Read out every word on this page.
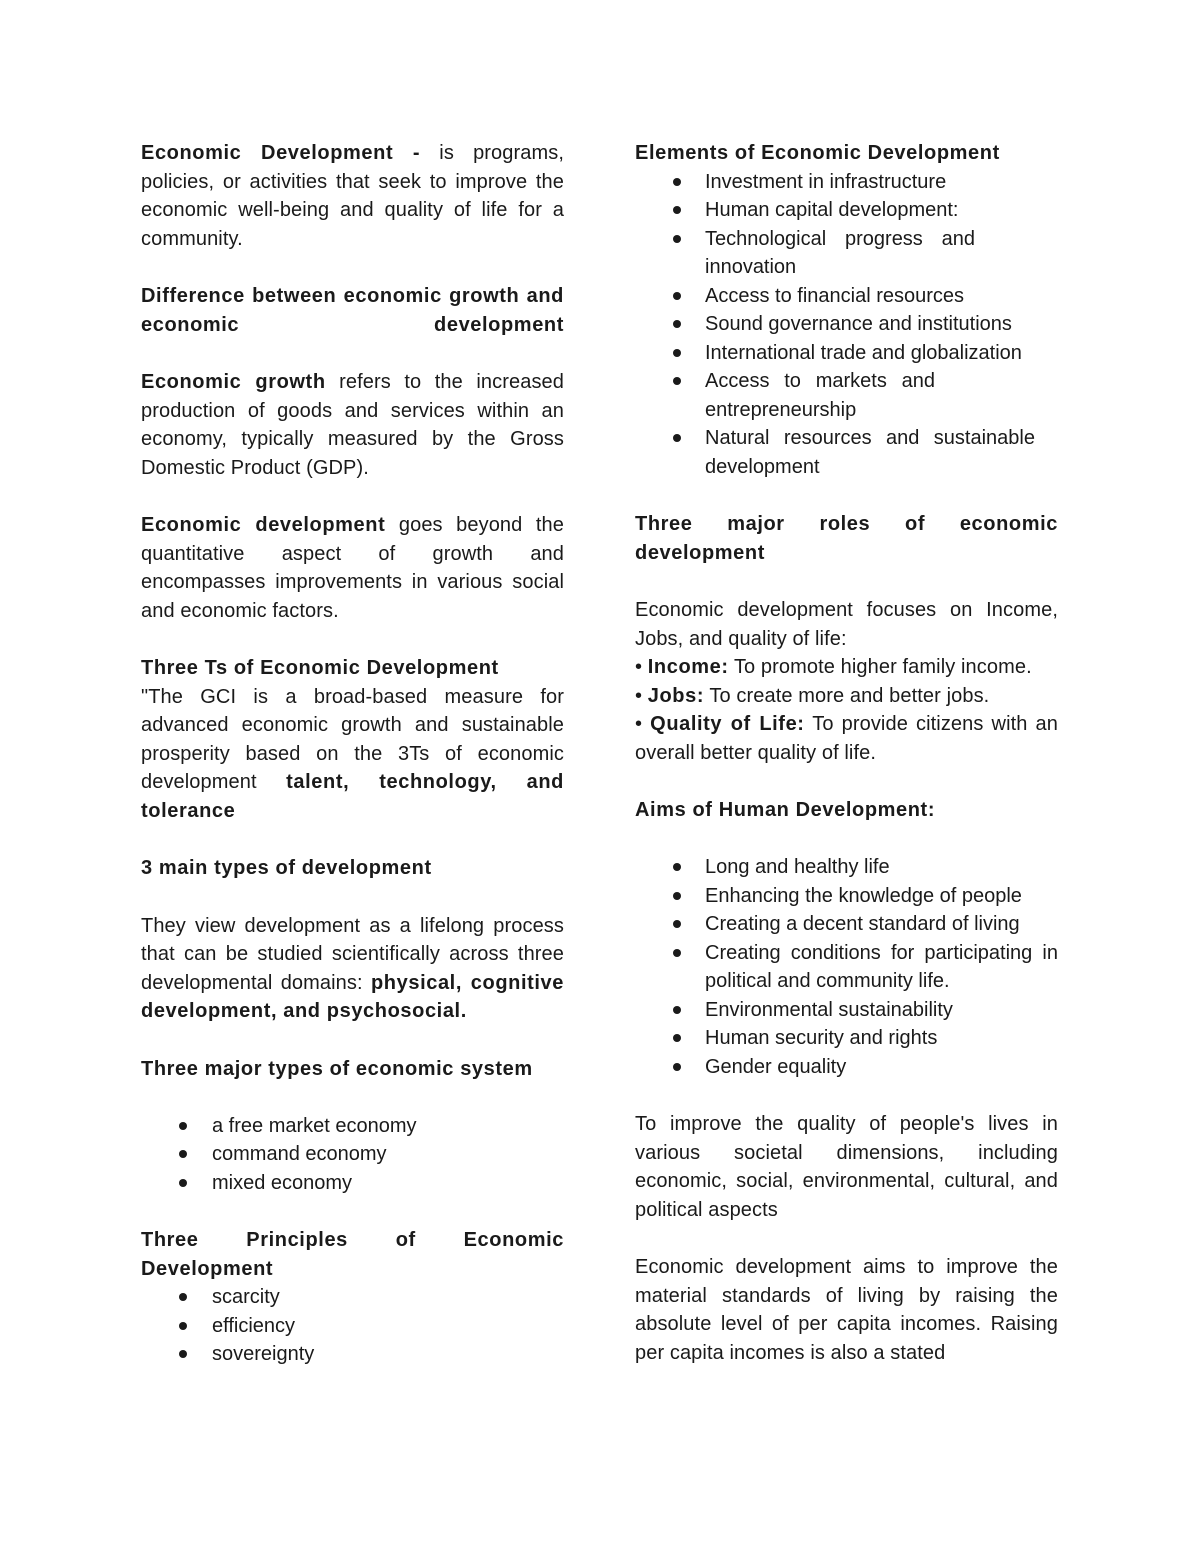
Economic Development - is programs, policies, or activities that seek to improve the economic well-being and quality of life for a community.

Difference between economic growth and economic development

Economic growth refers to the increased production of goods and services within an economy, typically measured by the Gross Domestic Product (GDP).

Economic development goes beyond the quantitative aspect of growth and encompasses improvements in various social and economic factors.

Three Ts of Economic Development

"The GCI is a broad-based measure for advanced economic growth and sustainable prosperity based on the 3Ts of economic development talent, technology, and tolerance

3 main types of development

They view development as a lifelong process that can be studied scientifically across three developmental domains: physical, cognitive development, and psychosocial.

Three major types of economic system

a free market economy
command economy
mixed economy

Three Principles of Economic Development

scarcity
efficiency
sovereignty

Elements of Economic Development

Investment in infrastructure
Human capital development:
Technological progress and innovation
Access to financial resources
Sound governance and institutions
International trade and globalization
Access to markets and entrepreneurship
Natural resources and sustainable development

Three major roles of economic development

Economic development focuses on Income, Jobs, and quality of life:

• Income: To promote higher family income.

• Jobs: To create more and better jobs.

• Quality of Life: To provide citizens with an overall better quality of life.

Aims of Human Development:

Long and healthy life
Enhancing the knowledge of people
Creating a decent standard of living
Creating conditions for participating in political and community life.
Environmental sustainability
Human security and rights
Gender equality

To improve the quality of people's lives in various societal dimensions, including economic, social, environmental, cultural, and political aspects

Economic development aims to improve the material standards of living by raising the absolute level of per capita incomes. Raising per capita incomes is also a stated
